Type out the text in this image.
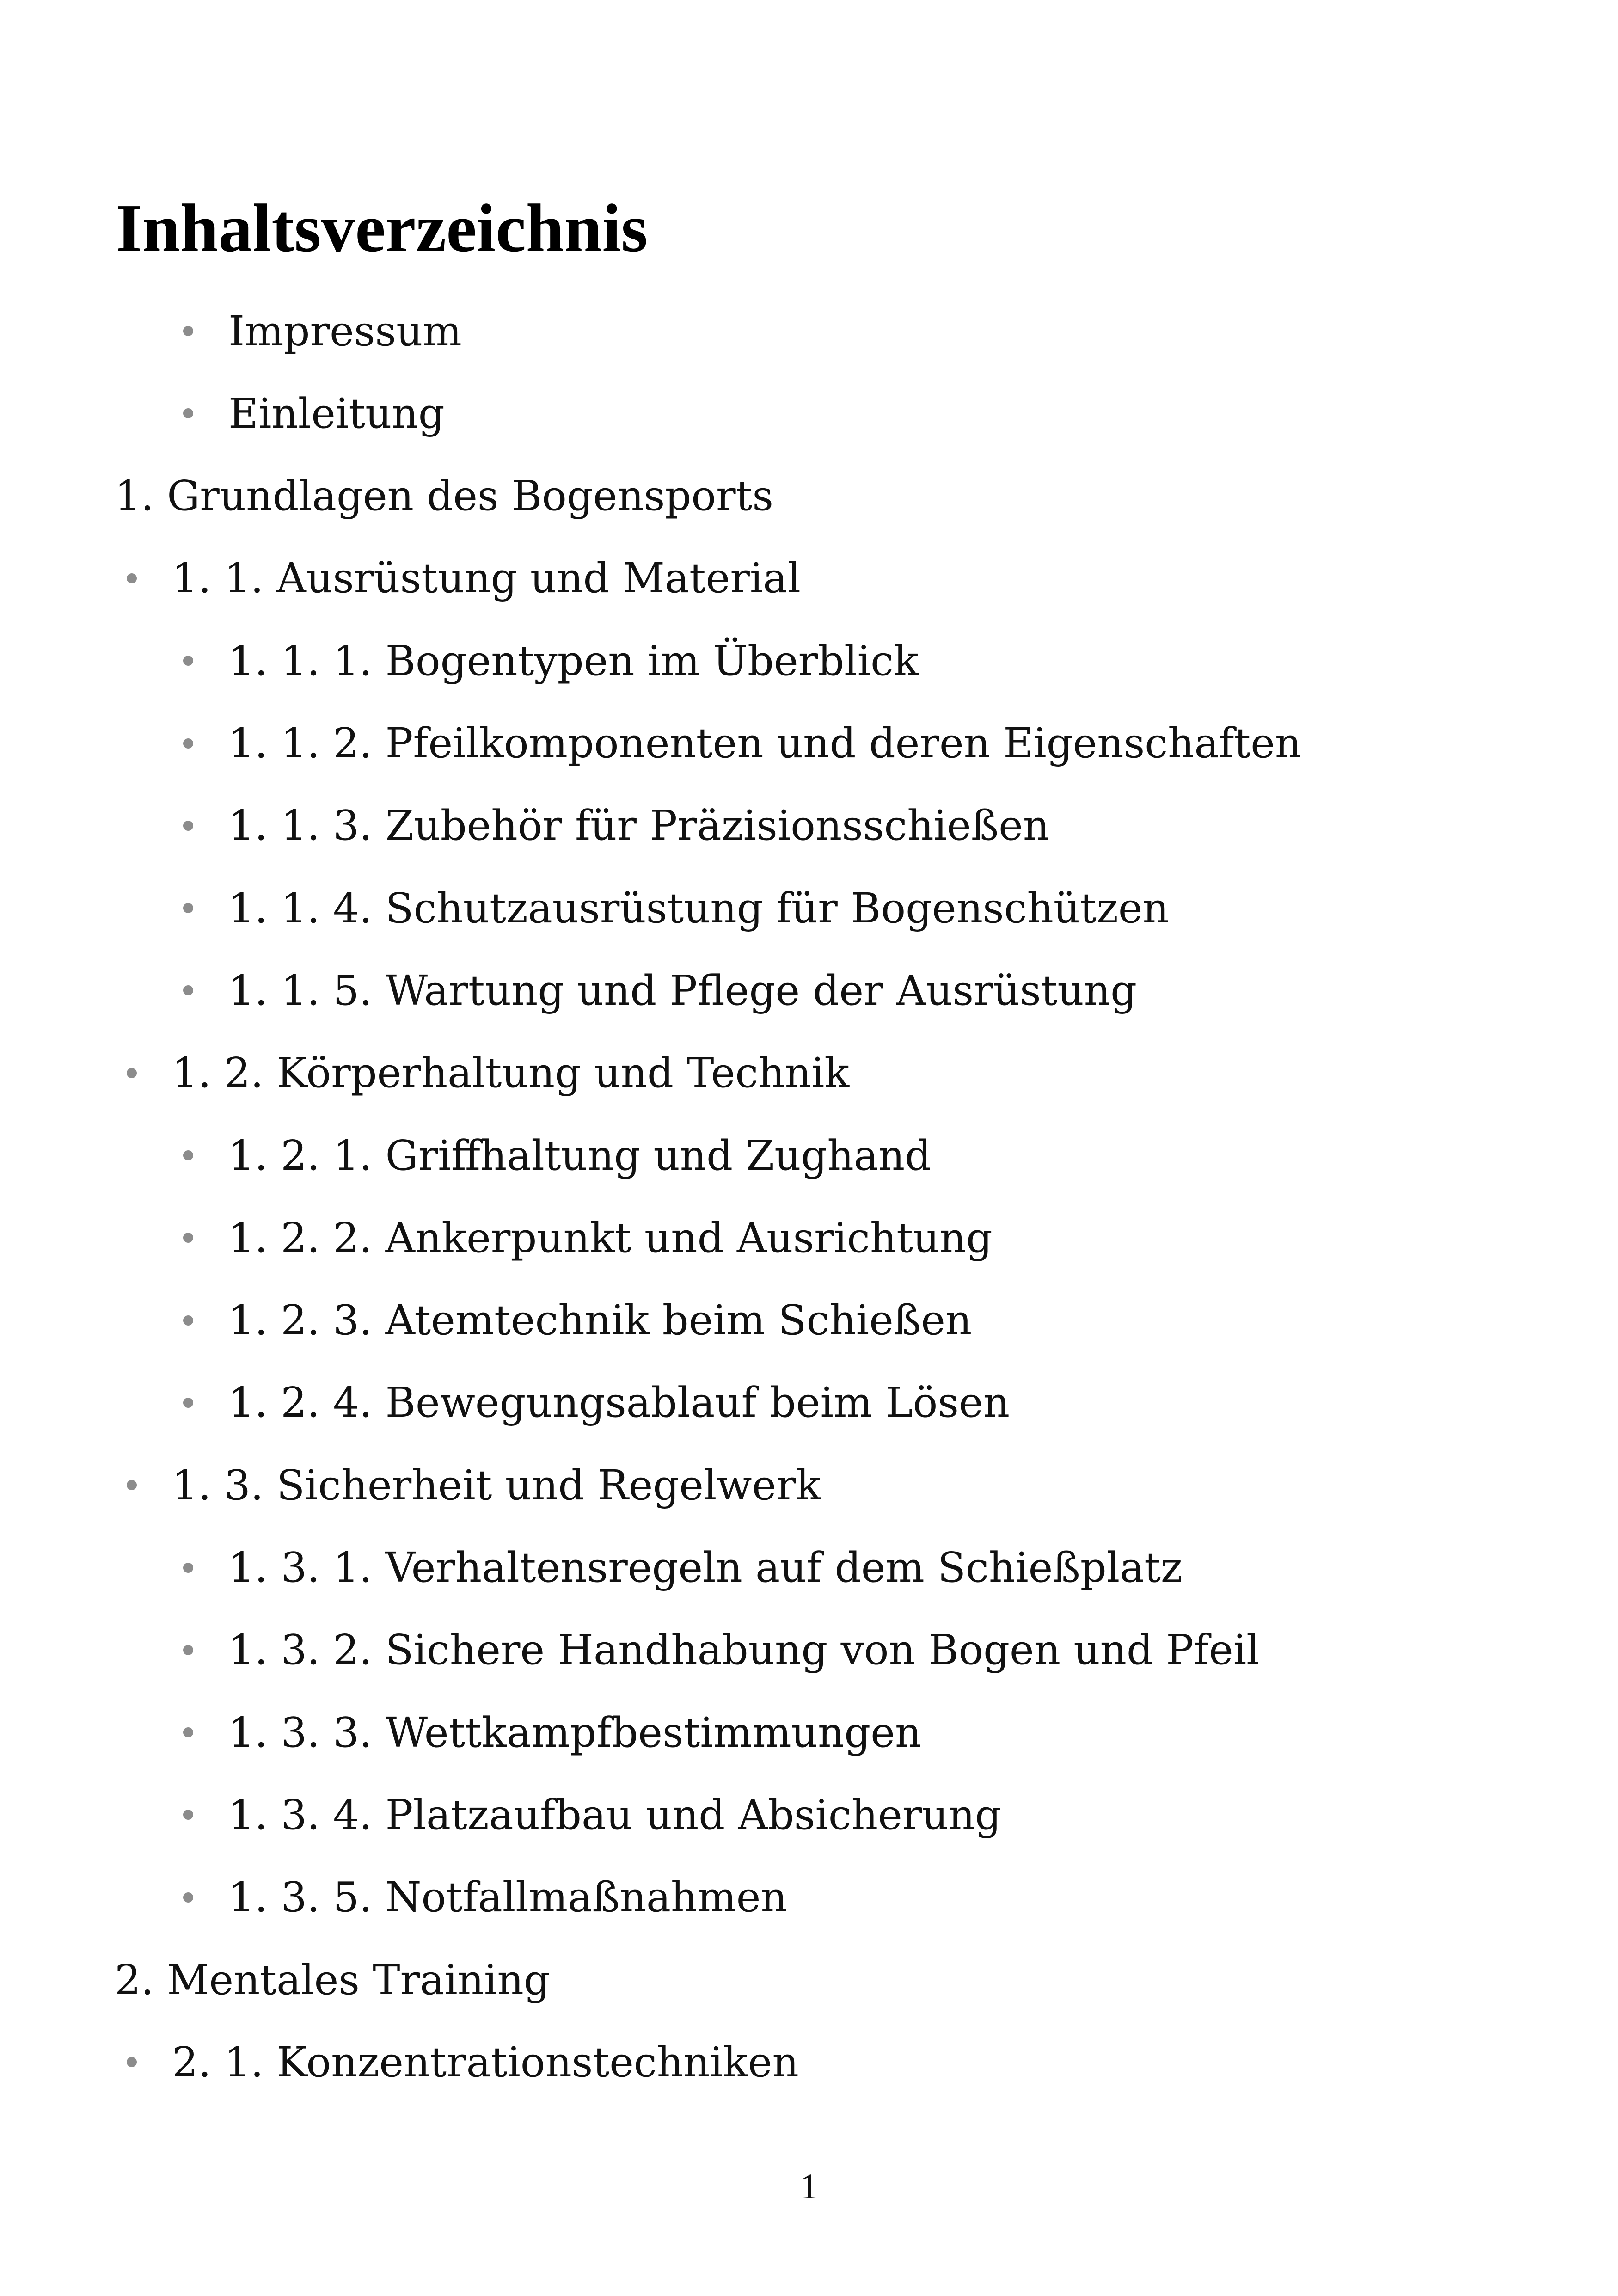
Inhaltsverzeichnis
Impressum
Einleitung
1. Grundlagen des Bogensports
1. 1. Ausrüstung und Material
1. 1. 1. Bogentypen im Überblick
1. 1. 2. Pfeilkomponenten und deren Eigenschaften
1. 1. 3. Zubehör für Präzisionsschießen
1. 1. 4. Schutzausrüstung für Bogenschützen
1. 1. 5. Wartung und Pflege der Ausrüstung
1. 2. Körperhaltung und Technik
1. 2. 1. Griffhaltung und Zughand
1. 2. 2. Ankerpunkt und Ausrichtung
1. 2. 3. Atemtechnik beim Schießen
1. 2. 4. Bewegungsablauf beim Lösen
1. 3. Sicherheit und Regelwerk
1. 3. 1. Verhaltensregeln auf dem Schießplatz
1. 3. 2. Sichere Handhabung von Bogen und Pfeil
1. 3. 3. Wettkampfbestimmungen
1. 3. 4. Platzaufbau und Absicherung
1. 3. 5. Notfallmaßnahmen
2. Mentales Training
2. 1. Konzentrationstechniken
1
